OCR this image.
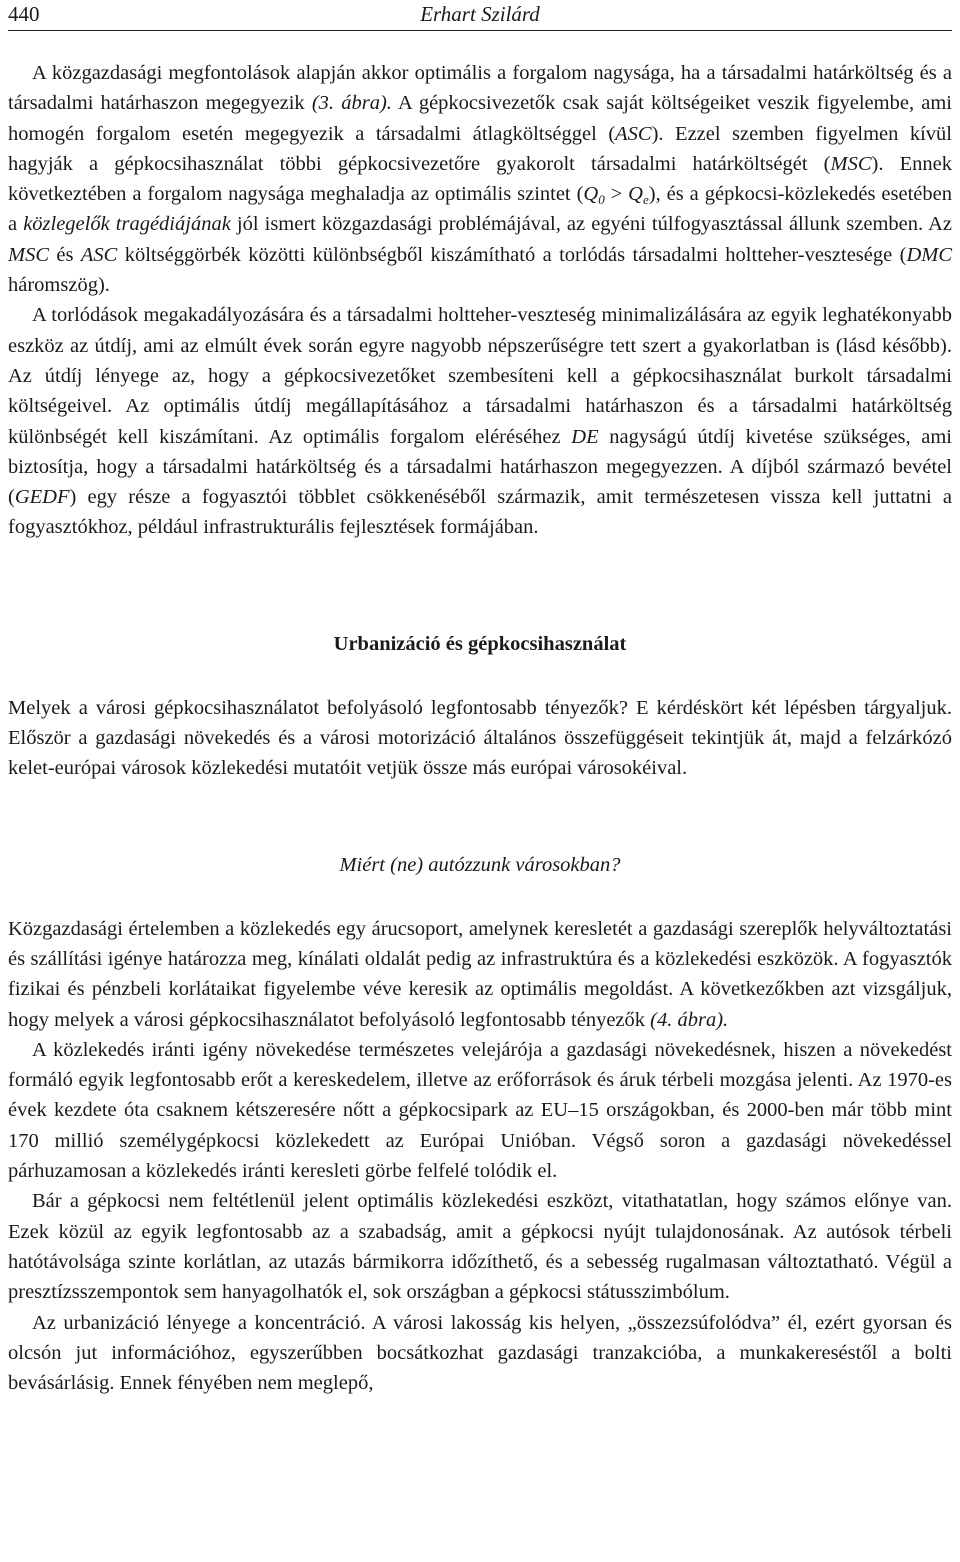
440	Erhart Szilárd

A közgazdasági megfontolások alapján akkor optimális a forgalom nagysága, ha a társadalmi határköltség és a társadalmi határhaszon megegyezik (3. ábra). A gépkocsivezetők csak saját költségeiket veszik figyelembe, ami homogén forgalom esetén megegyezik a társadalmi átlagköltséggel (ASC). Ezzel szemben figyelmen kívül hagyják a gépkocsihasználat többi gépkocsivezetőre gyakorolt társadalmi határköltségét (MSC). Ennek következtében a forgalom nagysága meghaladja az optimális szintet $(Q_0 > Q_e)$, és a gépkocsi-közlekedés esetében a közlegelők tragédiájának jól ismert közgazdasági problémájával, az egyéni túlfogyasztással állunk szemben. Az MSC és ASC költséggörbék közötti különbségből kiszámítható a torlódás társadalmi holtteher-vesztesége (DMC háromszög).

A torlódások megakadályozására és a társadalmi holtteher-veszteség minimalizálására az egyik leghatékonyabb eszköz az útdíj, ami az elmúlt évek során egyre nagyobb népszerűségre tett szert a gyakorlatban is (lásd később). Az útdíj lényege az, hogy a gépkocsivezetőket szembesíteni kell a gépkocsihasználat burkolt társadalmi költségeivel. Az optimális útdíj megállapításához a társadalmi határhaszon és a társadalmi határköltség különbségét kell kiszámítani. Az optimális forgalom eléréséhez DE nagyságú útdíj kivetése szükséges, ami biztosítja, hogy a társadalmi határköltség és a társadalmi határhaszon megegyezzen. A díjból származó bevétel (GEDF) egy része a fogyasztói többlet csökkenéséből származik, amit természetesen vissza kell juttatni a fogyasztókhoz, például infrastrukturális fejlesztések formájában.

Urbanizáció és gépkocsihasználat

Melyek a városi gépkocsihasználatot befolyásoló legfontosabb tényezők? E kérdéskört két lépésben tárgyaljuk. Először a gazdasági növekedés és a városi motorizáció általános összefüggéseit tekintjük át, majd a felzárkózó kelet-európai városok közlekedési mutatóit vetjük össze más európai városokéival.

Miért (ne) autózzunk városokban?

Közgazdasági értelemben a közlekedés egy árucsoport, amelynek keresletét a gazdasági szereplők helyváltoztatási és szállítási igénye határozza meg, kínálati oldalát pedig az infrastruktúra és a közlekedési eszközök. A fogyasztók fizikai és pénzbeli korlátaikat figyelembe véve keresik az optimális megoldást. A következőkben azt vizsgáljuk, hogy melyek a városi gépkocsihasználatot befolyásoló legfontosabb tényezők (4. ábra).

A közlekedés iránti igény növekedése természetes velejárója a gazdasági növekedésnek, hiszen a növekedést formáló egyik legfontosabb erőt a kereskedelem, illetve az erőforrások és áruk térbeli mozgása jelenti. Az 1970-es évek kezdete óta csaknem kétszeresére nőtt a gépkocsipark az EU–15 országokban, és 2000-ben már több mint 170 millió személygépkocsi közlekedett az Európai Unióban. Végső soron a gazdasági növekedéssel párhuzamosan a közlekedés iránti keresleti görbe felfelé tolódik el.

Bár a gépkocsi nem feltétlenül jelent optimális közlekedési eszközt, vitathatatlan, hogy számos előnye van. Ezek közül az egyik legfontosabb az a szabadság, amit a gépkocsi nyújt tulajdonosának. Az autósok térbeli hatótávolsága szinte korlátlan, az utazás bármikorra időzíthető, és a sebesség rugalmasan változtatható. Végül a presztízsszempontok sem hanyagolhatók el, sok országban a gépkocsi státusszimbólum.

Az urbanizáció lényege a koncentráció. A városi lakosság kis helyen, „összezsúfolódva” él, ezért gyorsan és olcsón jut információhoz, egyszerűbben bocsátkozhat gazdasági tranzakcióba, a munkakereséstől a bolti bevásárlásig. Ennek fényében nem meglepő,
